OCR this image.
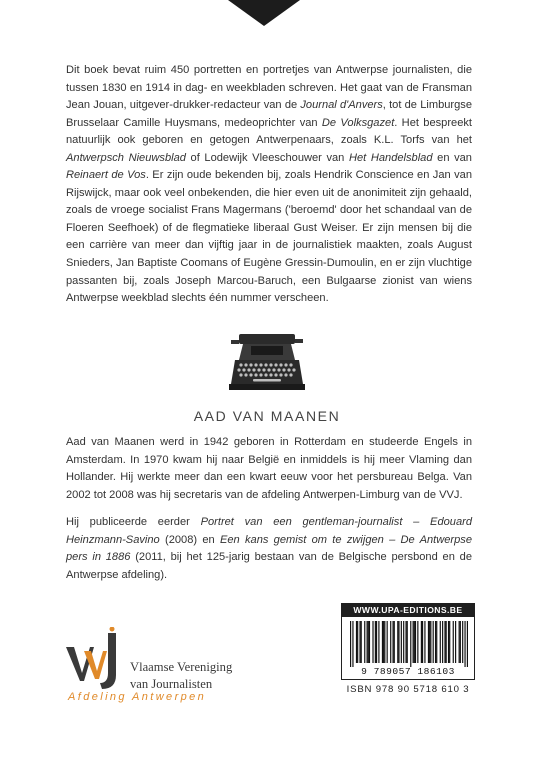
Dit boek bevat ruim 450 portretten en portretjes van Antwerpse journalisten, die tussen 1830 en 1914 in dag- en weekbladen schreven. Het gaat van de Fransman Jean Jouan, uitgever-drukker-redacteur van de Journal d'Anvers, tot de Limburgse Brusselaar Camille Huysmans, medeoprichter van De Volksgazet. Het bespreekt natuurlijk ook geboren en getogen Antwerpenaars, zoals K.L. Torfs van het Antwerpsch Nieuwsblad of Lodewijk Vleeschouwer van Het Handelsblad en van Reinaert de Vos. Er zijn oude bekenden bij, zoals Hendrik Conscience en Jan van Rijswijck, maar ook veel onbekenden, die hier even uit de anonimiteit zijn gehaald, zoals de vroege socialist Frans Magermans ('beroemd' door het schandaal van de Floeren Seefhoek) of de flegmatieke liberaal Gust Weiser. Er zijn mensen bij die een carrière van meer dan vijftig jaar in de journalistiek maakten, zoals August Snieders, Jan Baptiste Coomans of Eugène Gressin-Dumoulin, en er zijn vluchtige passanten bij, zoals Joseph Marcou-Baruch, een Bulgaarse zionist van wiens Antwerpse weekblad slechts één nummer verscheen.

AAD VAN MAANEN

Aad van Maanen werd in 1942 geboren in Rotterdam en studeerde Engels in Amsterdam. In 1970 kwam hij naar België en inmiddels is hij meer Vlaming dan Hollander. Hij werkte meer dan een kwart eeuw voor het persbureau Belga. Van 2002 tot 2008 was hij secretaris van de afdeling Antwerpen-Limburg van de VVJ.

Hij publiceerde eerder Portret van een gentleman-journalist – Edouard Heinzmann-Savino (2008) en Een kans gemist om te zwijgen – De Antwerpse pers in 1886 (2011, bij het 125-jarig bestaan van de Belgische persbond en de Antwerpse afdeling).

Vlaamse Vereniging
van Journalisten
Afdeling Antwerpen
WWW.UPA-EDITIONS.BE
9 789057 186103
ISBN 978 90 5718 610 3
